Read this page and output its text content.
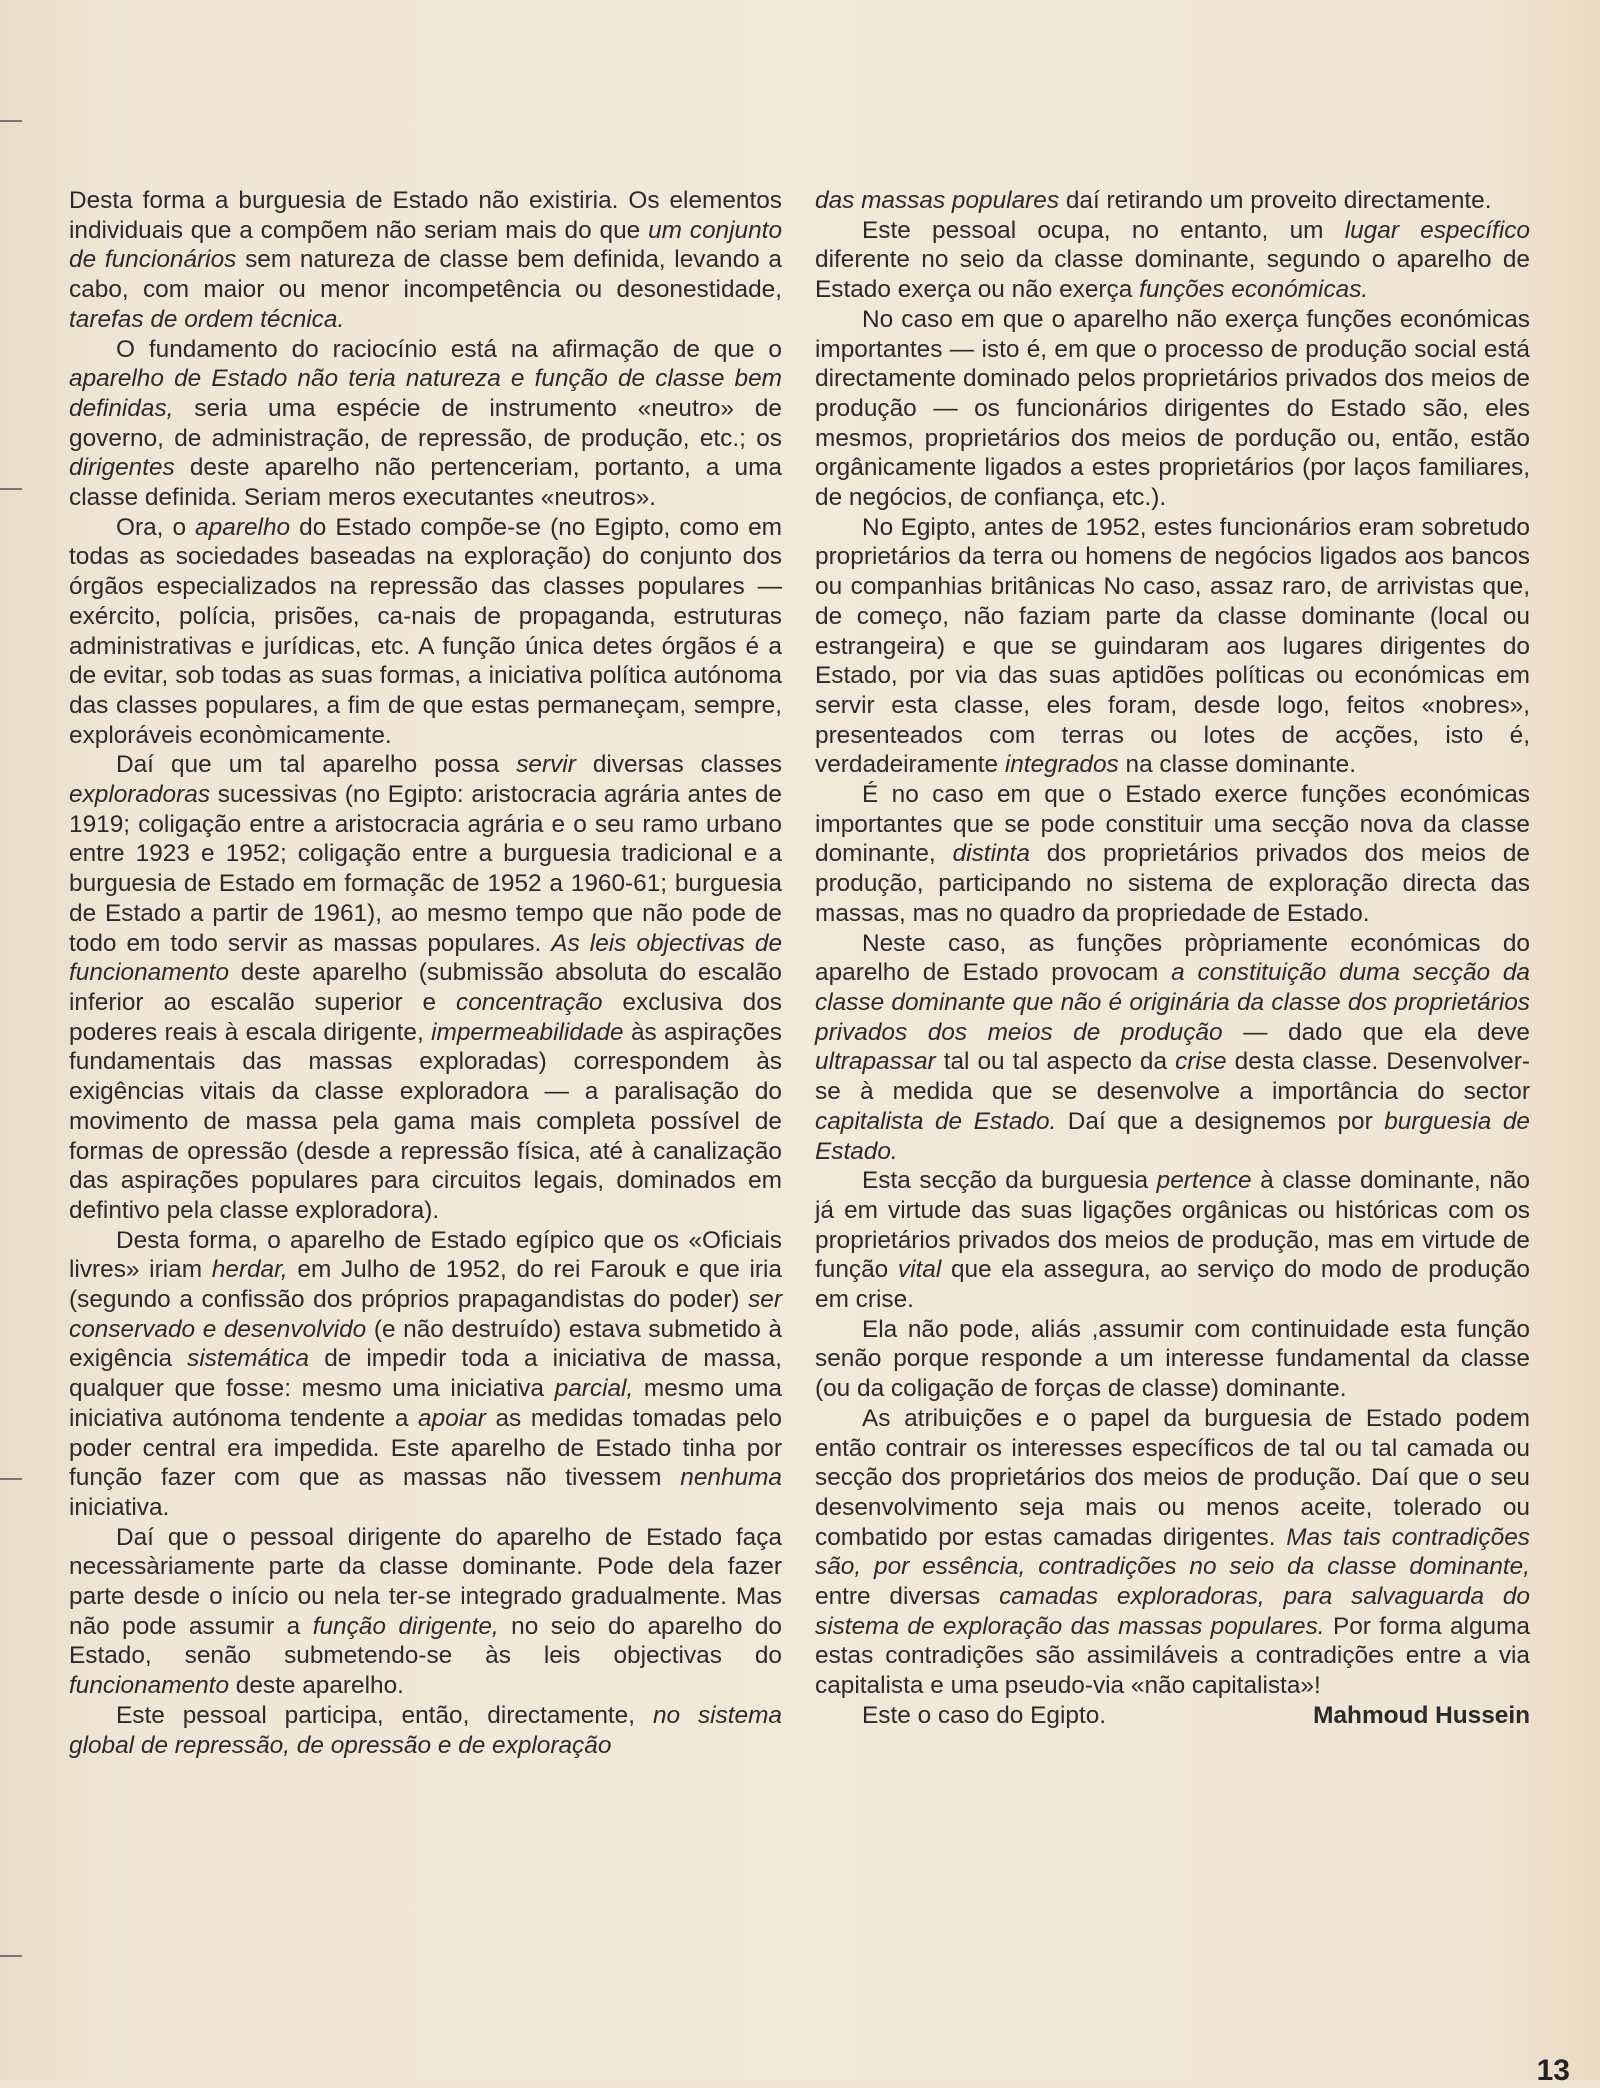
Desta forma a burguesia de Estado não existiria. Os elementos individuais que a compõem não seriam mais do que um conjunto de funcionários sem natureza de classe bem definida, levando a cabo, com maior ou menor incompetência ou desonestidade, tarefas de ordem técnica.

O fundamento do raciocínio está na afirmação de que o aparelho de Estado não teria natureza e função de classe bem definidas, seria uma espécie de instrumento «neutro» de governo, de administração, de repressão, de produção, etc.; os dirigentes deste aparelho não pertenceriam, portanto, a uma classe definida. Seriam meros executantes «neutros».

Ora, o aparelho do Estado compõe-se (no Egipto, como em todas as sociedades baseadas na exploração) do conjunto dos órgãos especializados na repressão das classes populares — exército, polícia, prisões, ca-nais de propaganda, estruturas administrativas e jurídicas, etc. A função única detes órgãos é a de evitar, sob todas as suas formas, a iniciativa política autónoma das classes populares, a fim de que estas permaneçam, sempre, exploráveis econòmicamente.

Daí que um tal aparelho possa servir diversas classes exploradoras sucessivas (no Egipto: aristocracia agrária antes de 1919; coligação entre a aristocracia agrária e o seu ramo urbano entre 1923 e 1952; coligação entre a burguesia tradicional e a burguesia de Estado em formaçãc de 1952 a 1960-61; burguesia de Estado a partir de 1961), ao mesmo tempo que não pode de todo em todo servir as massas populares. As leis objectivas de funcionamento deste aparelho (submissão absoluta do escalão inferior ao escalão superior e concentração exclusiva dos poderes reais à escala dirigente, impermeabilidade às aspirações fundamentais das massas exploradas) correspondem às exigências vitais da classe exploradora — a paralisação do movimento de massa pela gama mais completa possível de formas de opressão (desde a repressão física, até à canalização das aspirações populares para circuitos legais, dominados em defintivo pela classe exploradora).

Desta forma, o aparelho de Estado egípico que os «Oficiais livres» iriam herdar, em Julho de 1952, do rei Farouk e que iria (segundo a confissão dos próprios prapagandistas do poder) ser conservado e desenvolvido (e não destruído) estava submetido à exigência sistemática de impedir toda a iniciativa de massa, qualquer que fosse: mesmo uma iniciativa parcial, mesmo uma iniciativa autónoma tendente a apoiar as medidas tomadas pelo poder central era impedida. Este aparelho de Estado tinha por função fazer com que as massas não tivessem nenhuma iniciativa.

Daí que o pessoal dirigente do aparelho de Estado faça necessàriamente parte da classe dominante. Pode dela fazer parte desde o início ou nela ter-se integrado gradualmente. Mas não pode assumir a função dirigente, no seio do aparelho do Estado, senão submetendo-se às leis objectivas do funcionamento deste aparelho.

Este pessoal participa, então, directamente, no sistema global de repressão, de opressão e de exploração

das massas populares daí retirando um proveito directamente.

Este pessoal ocupa, no entanto, um lugar específico diferente no seio da classe dominante, segundo o aparelho de Estado exerça ou não exerça funções económicas.

No caso em que o aparelho não exerça funções económicas importantes — isto é, em que o processo de produção social está directamente dominado pelos proprietários privados dos meios de produção — os funcionários dirigentes do Estado são, eles mesmos, proprietários dos meios de pordução ou, então, estão orgânicamente ligados a estes proprietários (por laços familiares, de negócios, de confiança, etc.).

No Egipto, antes de 1952, estes funcionários eram sobretudo proprietários da terra ou homens de negócios ligados aos bancos ou companhias britânicas No caso, assaz raro, de arrivistas que, de começo, não faziam parte da classe dominante (local ou estrangeira) e que se guindaram aos lugares dirigentes do Estado, por via das suas aptidões políticas ou económicas em servir esta classe, eles foram, desde logo, feitos «nobres», presenteados com terras ou lotes de acções, isto é, verdadeiramente integrados na classe dominante.

É no caso em que o Estado exerce funções económicas importantes que se pode constituir uma secção nova da classe dominante, distinta dos proprietários privados dos meios de produção, participando no sistema de exploração directa das massas, mas no quadro da propriedade de Estado.

Neste caso, as funções pròpriamente económicas do aparelho de Estado provocam a constituição duma secção da classe dominante que não é originária da classe dos proprietários privados dos meios de produção — dado que ela deve ultrapassar tal ou tal aspecto da crise desta classe. Desenvolver-se à medida que se desenvolve a importância do sector capitalista de Estado. Daí que a designemos por burguesia de Estado.

Esta secção da burguesia pertence à classe dominante, não já em virtude das suas ligações orgânicas ou históricas com os proprietários privados dos meios de produção, mas em virtude de função vital que ela assegura, ao serviço do modo de produção em crise.

Ela não pode, aliás ,assumir com continuidade esta função senão porque responde a um interesse fundamental da classe (ou da coligação de forças de classe) dominante.

As atribuições e o papel da burguesia de Estado podem então contrair os interesses específicos de tal ou tal camada ou secção dos proprietários dos meios de produção. Daí que o seu desenvolvimento seja mais ou menos aceite, tolerado ou combatido por estas camadas dirigentes. Mas tais contradições são, por essência, contradições no seio da classe dominante, entre diversas camadas exploradoras, para salvaguarda do sistema de exploração das massas populares. Por forma alguma estas contradições são assimiláveis a contradições entre a via capitalista e uma pseudo-via «não capitalista»!

Este o caso do Egipto.	Mahmoud Hussein

13
